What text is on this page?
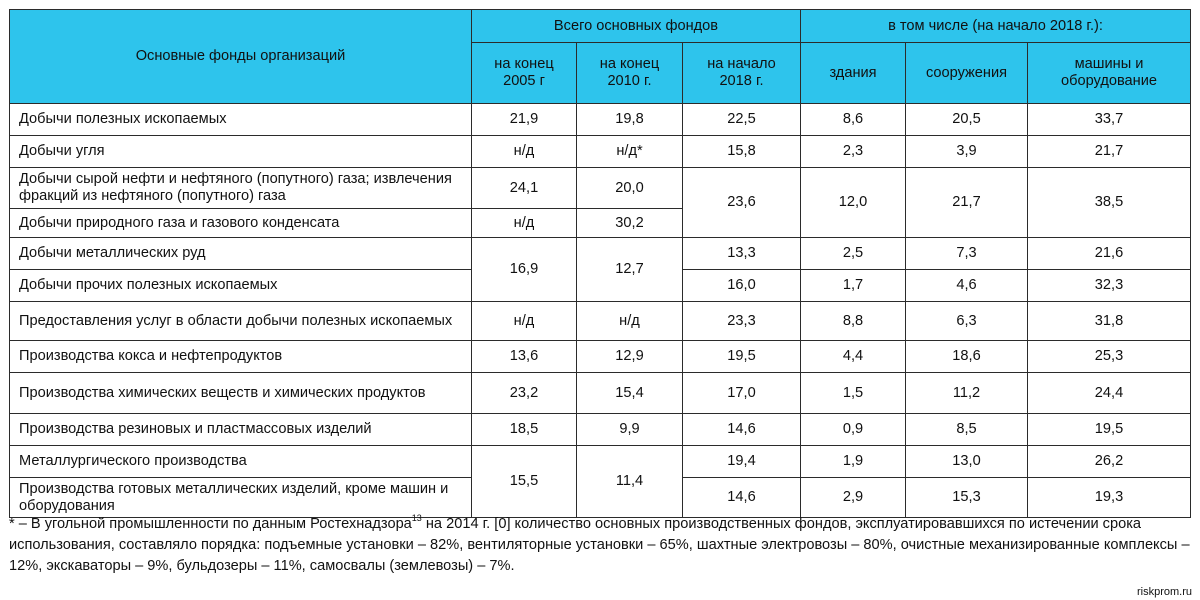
Основные фонды организаций	Всего основных фондов			в том числе (на начало 2018 г.):		
	на конец 2005 г	на конец 2010 г.	на начало 2018 г.	здания	сооружения	машины и оборудование
Добычи полезных ископаемых	21,9	19,8	22,5	8,6	20,5	33,7
Добычи угля	н/д	н/д*	15,8	2,3	3,9	21,7
Добычи сырой нефти и нефтяного (попутного) газа; извлечения фракций из нефтяного (попутного) газа	24,1	20,0	23,6	12,0	21,7	38,5
Добычи природного газа и газового конденсата	н/д	30,2				
Добычи металлических руд	16,9	12,7	13,3	2,5	7,3	21,6
Добычи прочих полезных ископаемых			16,0	1,7	4,6	32,3
Предоставления услуг в области добычи полезных ископаемых	н/д	н/д	23,3	8,8	6,3	31,8
Производства кокса и нефтепродуктов	13,6	12,9	19,5	4,4	18,6	25,3
Производства химических веществ и химических продуктов	23,2	15,4	17,0	1,5	11,2	24,4
Производства резиновых и пластмассовых изделий	18,5	9,9	14,6	0,9	8,5	19,5
Металлургического производства	15,5	11,4	19,4	1,9	13,0	26,2
Производства готовых металлических изделий, кроме машин и оборудования			14,6	2,9	15,3	19,3
* – В угольной промышленности по данным Ростехнадзора$^{13}$ на 2014 г. [0] количество основных производственных фондов, эксплуатировавшихся по истечении срока использования, составляло порядка: подъемные установки – 82%, вентиляторные установки – 65%, шахтные электровозы – 80%, очистные механизированные комплексы – 12%, экскаваторы – 9%, бульдозеры – 11%, самосвалы (землевозы) – 7%.
riskprom.ru
